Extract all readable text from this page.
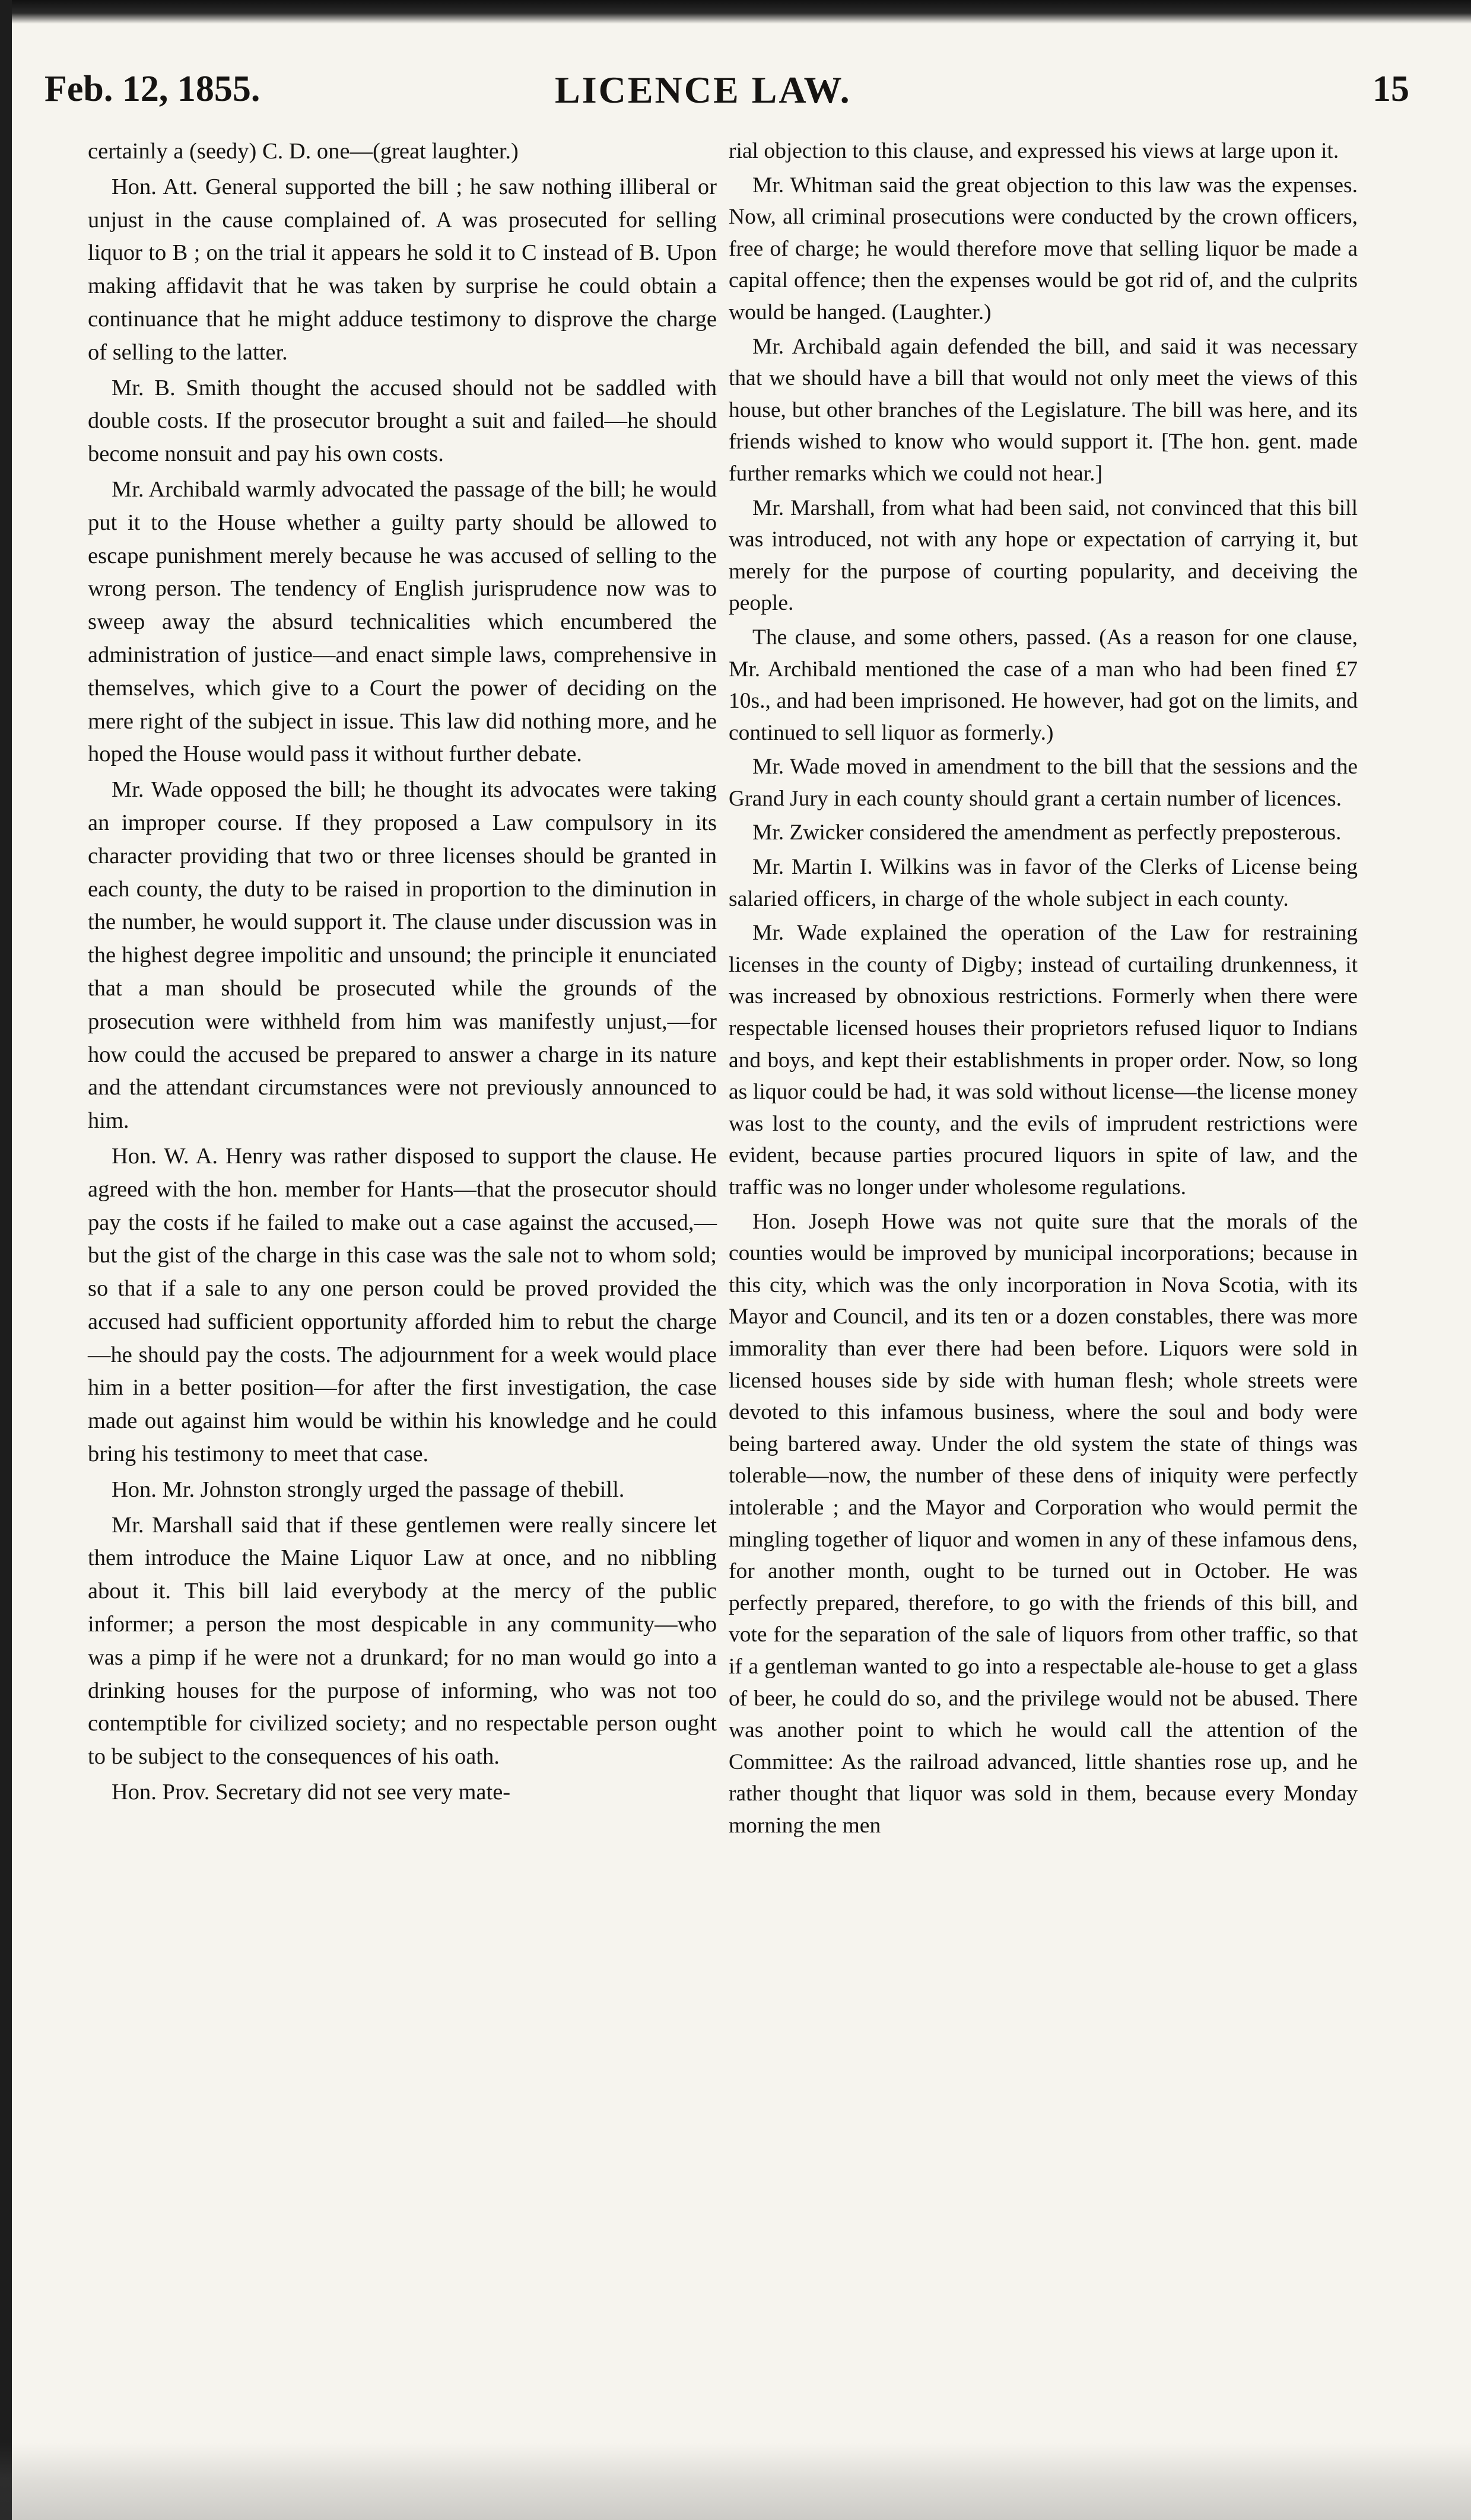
Feb. 12, 1855.	LICENCE LAW.	15

certainly a (seedy) C. D. one—(great laughter.)

Hon. Att. General supported the bill ; he saw nothing illiberal or unjust in the cause complained of. A was prosecuted for selling liquor to B ; on the trial it appears he sold it to C instead of B. Upon making affidavit that he was taken by surprise he could obtain a continuance that he might adduce testimony to disprove the charge of selling to the latter.

Mr. B. Smith thought the accused should not be saddled with double costs. If the prosecutor brought a suit and failed—he should become nonsuit and pay his own costs.

Mr. Archibald warmly advocated the passage of the bill; he would put it to the House whether a guilty party should be allowed to escape punishment merely because he was accused of selling to the wrong person. The tendency of English jurisprudence now was to sweep away the absurd technicalities which encumbered the administration of justice—and enact simple laws, comprehensive in themselves, which give to a Court the power of deciding on the mere right of the subject in issue. This law did nothing more, and he hoped the House would pass it without further debate.

Mr. Wade opposed the bill; he thought its advocates were taking an improper course. If they proposed a Law compulsory in its character providing that two or three licenses should be granted in each county, the duty to be raised in proportion to the diminution in the number, he would support it. The clause under discussion was in the highest degree impolitic and unsound; the principle it enunciated that a man should be prosecuted while the grounds of the prosecution were withheld from him was manifestly unjust,—for how could the accused be prepared to answer a charge in its nature and the attendant circumstances were not previously announced to him.

Hon. W. A. Henry was rather disposed to support the clause. He agreed with the hon. member for Hants—that the prosecutor should pay the costs if he failed to make out a case against the accused,—but the gist of the charge in this case was the sale not to whom sold; so that if a sale to any one person could be proved provided the accused had sufficient opportunity afforded him to rebut the charge —he should pay the costs. The adjournment for a week would place him in a better position—for after the first investigation, the case made out against him would be within his knowledge and he could bring his testimony to meet that case.

Hon. Mr. Johnston strongly urged the passage of thebill.

Mr. Marshall said that if these gentlemen were really sincere let them introduce the Maine Liquor Law at once, and no nibbling about it. This bill laid everybody at the mercy of the public informer; a person the most despicable in any community—who was a pimp if he were not a drunkard; for no man would go into a drinking houses for the purpose of informing, who was not too contemptible for civilized society; and no respectable person ought to be subject to the consequences of his oath.

Hon. Prov. Secretary did not see very mate-

rial objection to this clause, and expressed his views at large upon it.

Mr. Whitman said the great objection to this law was the expenses. Now, all criminal prosecutions were conducted by the crown officers, free of charge; he would therefore move that selling liquor be made a capital offence; then the expenses would be got rid of, and the culprits would be hanged. (Laughter.)

Mr. Archibald again defended the bill, and said it was necessary that we should have a bill that would not only meet the views of this house, but other branches of the Legislature. The bill was here, and its friends wished to know who would support it. [The hon. gent. made further remarks which we could not hear.]

Mr. Marshall, from what had been said, not convinced that this bill was introduced, not with any hope or expectation of carrying it, but merely for the purpose of courting popularity, and deceiving the people.

The clause, and some others, passed. (As a reason for one clause, Mr. Archibald mentioned the case of a man who had been fined £7 10s., and had been imprisoned. He however, had got on the limits, and continued to sell liquor as formerly.)

Mr. Wade moved in amendment to the bill that the sessions and the Grand Jury in each county should grant a certain number of licences.

Mr. Zwicker considered the amendment as perfectly preposterous.

Mr. Martin I. Wilkins was in favor of the Clerks of License being salaried officers, in charge of the whole subject in each county.

Mr. Wade explained the operation of the Law for restraining licenses in the county of Digby; instead of curtailing drunkenness, it was increased by obnoxious restrictions. Formerly when there were respectable licensed houses their proprietors refused liquor to Indians and boys, and kept their establishments in proper order. Now, so long as liquor could be had, it was sold without license—the license money was lost to the county, and the evils of imprudent restrictions were evident, because parties procured liquors in spite of law, and the traffic was no longer under wholesome regulations.

Hon. Joseph Howe was not quite sure that the morals of the counties would be improved by municipal incorporations; because in this city, which was the only incorporation in Nova Scotia, with its Mayor and Council, and its ten or a dozen constables, there was more immorality than ever there had been before. Liquors were sold in licensed houses side by side with human flesh; whole streets were devoted to this infamous business, where the soul and body were being bartered away. Under the old system the state of things was tolerable—now, the number of these dens of iniquity were perfectly intolerable ; and the Mayor and Corporation who would permit the mingling together of liquor and women in any of these infamous dens, for another month, ought to be turned out in October. He was perfectly prepared, therefore, to go with the friends of this bill, and vote for the separation of the sale of liquors from other traffic, so that if a gentleman wanted to go into a respectable ale-house to get a glass of beer, he could do so, and the privilege would not be abused. There was another point to which he would call the attention of the Committee: As the railroad advanced, little shanties rose up, and he rather thought that liquor was sold in them, because every Monday morning the men
